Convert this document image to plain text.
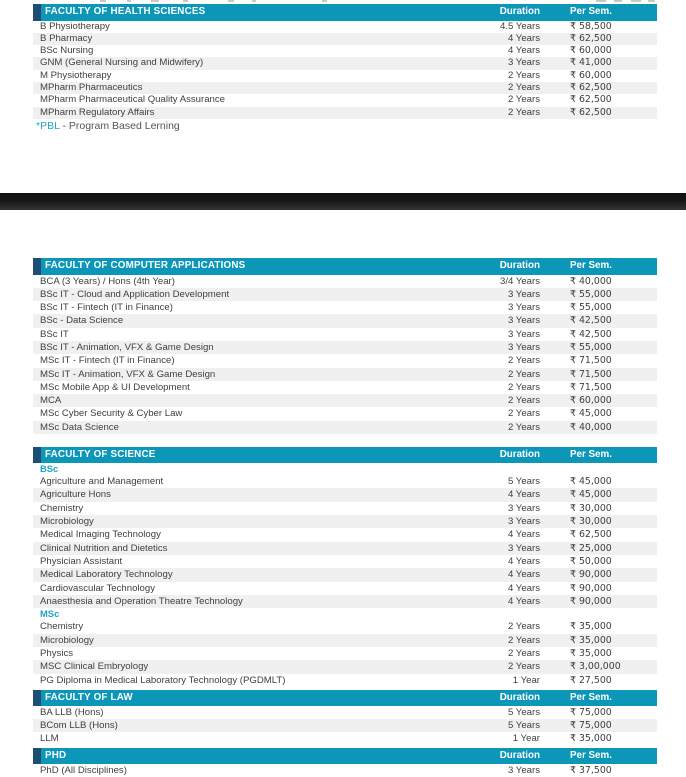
FACULTY OF HEALTH SCIENCES	Duration	Per Sem.
B Physiotherapy	4.5 Years	₹ 58,500
B Pharmacy	4 Years	₹ 62,500
BSc Nursing	4 Years	₹ 60,000
GNM (General Nursing and Midwifery)	3 Years	₹ 41,000
M Physiotherapy	2 Years	₹ 60,000
MPharm Pharmaceutics	2 Years	₹ 62,500
MPharm Pharmaceutical Quality Assurance	2 Years	₹ 62,500
MPharm Regulatory Affairs	2 Years	₹ 62,500
*PBL - Program Based Lerning
FACULTY OF COMPUTER APPLICATIONS	Duration	Per Sem.
BCA (3 Years) / Hons (4th Year)	3/4 Years	₹ 40,000
BSc IT - Cloud and Application Development	3 Years	₹ 55,000
BSc IT - Fintech (IT in Finance)	3 Years	₹ 55,000
BSc - Data Science	3 Years	₹ 42,500
BSc IT	3 Years	₹ 42,500
BSc IT - Animation, VFX & Game Design	3 Years	₹ 55,000
MSc IT - Fintech (IT in Finance)	2 Years	₹ 71,500
MSc IT - Animation, VFX & Game Design	2 Years	₹ 71,500
MSc Mobile App & UI Development	2 Years	₹ 71,500
MCA	2 Years	₹ 60,000
MSc Cyber Security & Cyber Law	2 Years	₹ 45,000
MSc Data Science	2 Years	₹ 40,000
FACULTY OF SCIENCE	Duration	Per Sem.
BSc
Agriculture and Management	5 Years	₹ 45,000
Agriculture Hons	4 Years	₹ 45,000
Chemistry	3 Years	₹ 30,000
Microbiology	3 Years	₹ 30,000
Medical Imaging Technology	4 Years	₹ 62,500
Clinical Nutrition and Dietetics	3 Years	₹ 25,000
Physician Assistant	4 Years	₹ 50,000
Medical Laboratory Technology	4 Years	₹ 90,000
Cardiovascular Technology	4 Years	₹ 90,000
Anaesthesia and Operation Theatre Technology	4 Years	₹ 90,000
MSc
Chemistry	2 Years	₹ 35,000
Microbiology	2 Years	₹ 35,000
Physics	2 Years	₹ 35,000
MSC Clinical Embryology	2 Years	₹ 3,00,000
PG Diploma in Medical Laboratory Technology (PGDMLT)	1 Year	₹ 27,500
FACULTY OF LAW	Duration	Per Sem.
BA LLB (Hons)	5 Years	₹ 75,000
BCom LLB (Hons)	5 Years	₹ 75,000
LLM	1 Year	₹ 35,000
PHD	Duration	Per Sem.
PhD (All Disciplines)	3 Years	₹ 37,500
